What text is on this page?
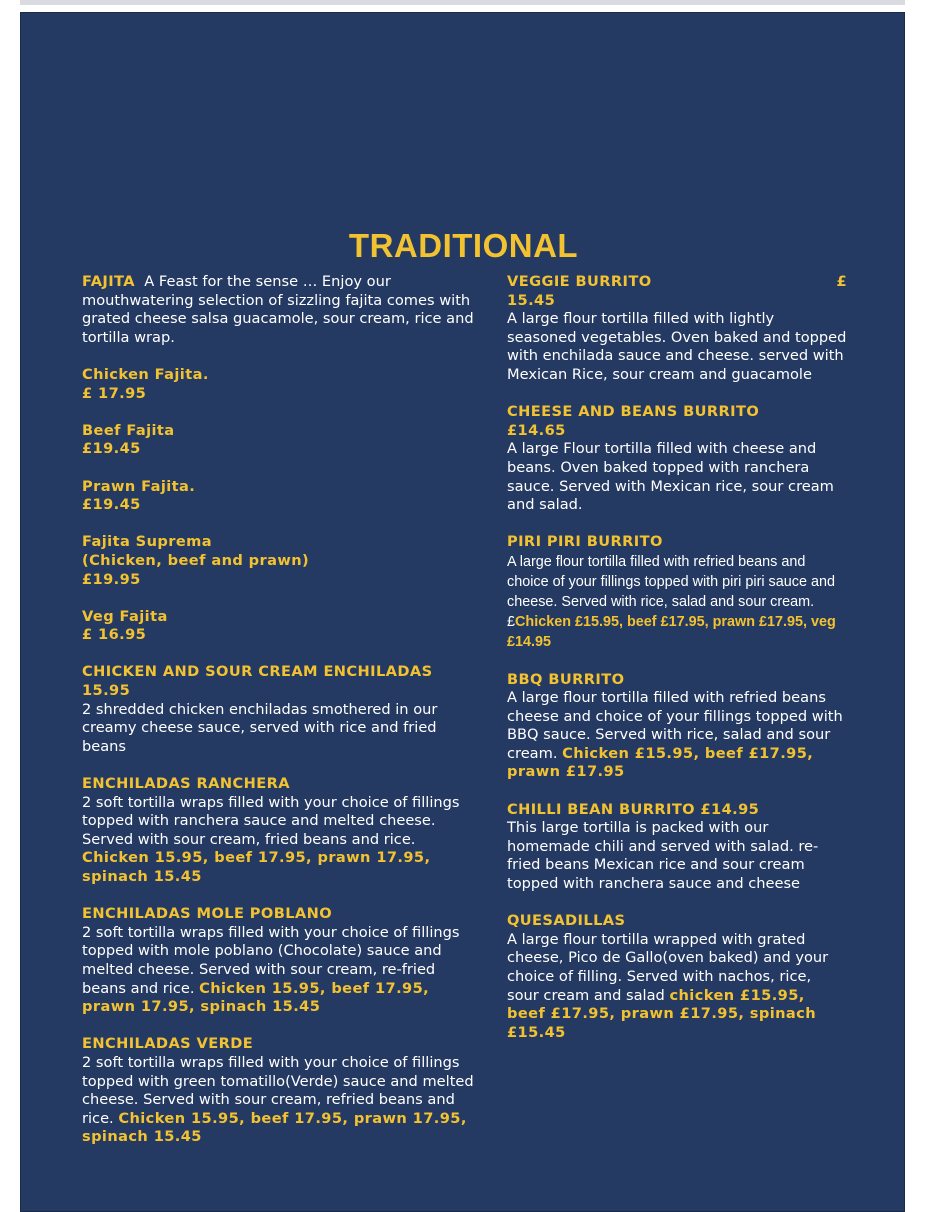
TRADITIONAL
FAJITA A Feast for the sense … Enjoy our mouthwatering selection of sizzling fajita comes with grated cheese salsa guacamole, sour cream, rice and tortilla wrap.
Chicken Fajita.
£ 17.95
Beef Fajita
£19.45
Prawn Fajita.
£19.45
Fajita Suprema
(Chicken, beef and prawn)
£19.95
Veg Fajita
£ 16.95
CHICKEN AND SOUR CREAM ENCHILADAS
15.95
2 shredded chicken enchiladas smothered in our creamy cheese sauce, served with rice and fried beans
ENCHILADAS RANCHERA
2 soft tortilla wraps filled with your choice of fillings topped with ranchera sauce and melted cheese. Served with sour cream, fried beans and rice. Chicken 15.95, beef 17.95, prawn 17.95, spinach 15.45
ENCHILADAS MOLE POBLANO
2 soft tortilla wraps filled with your choice of fillings topped with mole poblano (Chocolate) sauce and melted cheese. Served with sour cream, re-fried beans and rice. Chicken 15.95, beef 17.95, prawn 17.95, spinach 15.45
ENCHILADAS VERDE
2 soft tortilla wraps filled with your choice of fillings topped with green tomatillo(Verde) sauce and melted cheese. Served with sour cream, refried beans and rice. Chicken 15.95, beef 17.95, prawn 17.95, spinach 15.45
VEGGIE BURRITO	£
15.45
A large flour tortilla filled with lightly seasoned vegetables. Oven baked and topped with enchilada sauce and cheese. served with Mexican Rice, sour cream and guacamole
CHEESE AND BEANS BURRITO
£14.65
A large Flour tortilla filled with cheese and beans. Oven baked topped with ranchera sauce. Served with Mexican rice, sour cream and salad.
PIRI PIRI BURRITO
A large flour tortilla filled with refried beans and choice of your fillings topped with piri piri sauce and cheese. Served with rice, salad and sour cream. £Chicken £15.95, beef £17.95, prawn £17.95, veg £14.95
BBQ BURRITO
A large flour tortilla filled with refried beans cheese and choice of your fillings topped with BBQ sauce. Served with rice, salad and sour cream. Chicken £15.95, beef £17.95, prawn £17.95
CHILLI BEAN BURRITO £14.95
This large tortilla is packed with our homemade chili and served with salad. re-fried beans Mexican rice and sour cream topped with ranchera sauce and cheese
QUESADILLAS
A large flour tortilla wrapped with grated cheese, Pico de Gallo(oven baked) and your choice of filling. Served with nachos, rice, sour cream and salad chicken £15.95, beef £17.95, prawn £17.95, spinach £15.45
